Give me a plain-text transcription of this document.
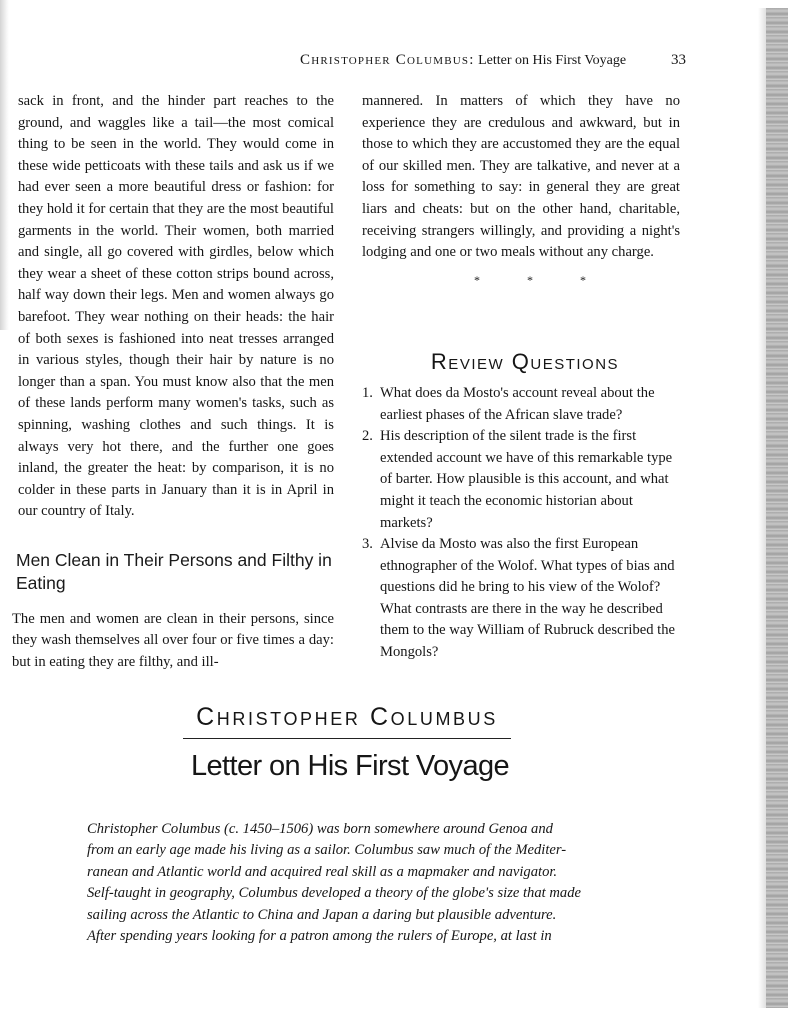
Christopher Columbus: Letter on His First Voyage	33

sack in front, and the hinder part reaches to the ground, and waggles like a tail—the most comical thing to be seen in the world. They would come in these wide petticoats with these tails and ask us if we had ever seen a more beautiful dress or fashion: for they hold it for certain that they are the most beautiful garments in the world. Their women, both married and single, all go covered with girdles, below which they wear a sheet of these cotton strips bound across, half way down their legs. Men and women always go barefoot. They wear nothing on their heads: the hair of both sexes is fashioned into neat tresses arranged in various styles, though their hair by nature is no longer than a span. You must know also that the men of these lands perform many women's tasks, such as spinning, washing clothes and such things. It is always very hot there, and the further one goes inland, the greater the heat: by comparison, it is no colder in these parts in January than it is in April in our country of Italy.

Men Clean in Their Persons and Filthy in Eating

The men and women are clean in their persons, since they wash themselves all over four or five times a day: but in eating they are filthy, and ill-

mannered. In matters of which they have no experience they are credulous and awkward, but in those to which they are accustomed they are the equal of our skilled men. They are talkative, and never at a loss for something to say: in general they are great liars and cheats: but on the other hand, charitable, receiving strangers willingly, and providing a night's lodging and one or two meals without any charge.

* * *
Review Questions
1. What does da Mosto's account reveal about the earliest phases of the African slave trade?
2. His description of the silent trade is the first extended account we have of this remarkable type of barter. How plausible is this account, and what might it teach the economic historian about markets?
3. Alvise da Mosto was also the first European ethnographer of the Wolof. What types of bias and questions did he bring to his view of the Wolof? What contrasts are there in the way he described them to the way William of Rubruck described the Mongols?
Christopher Columbus
Letter on His First Voyage
Christopher Columbus (c. 1450–1506) was born somewhere around Genoa and
from an early age made his living as a sailor. Columbus saw much of the Mediter-
ranean and Atlantic world and acquired real skill as a mapmaker and navigator.
Self-taught in geography, Columbus developed a theory of the globe's size that made
sailing across the Atlantic to China and Japan a daring but plausible adventure.
After spending years looking for a patron among the rulers of Europe, at last in
